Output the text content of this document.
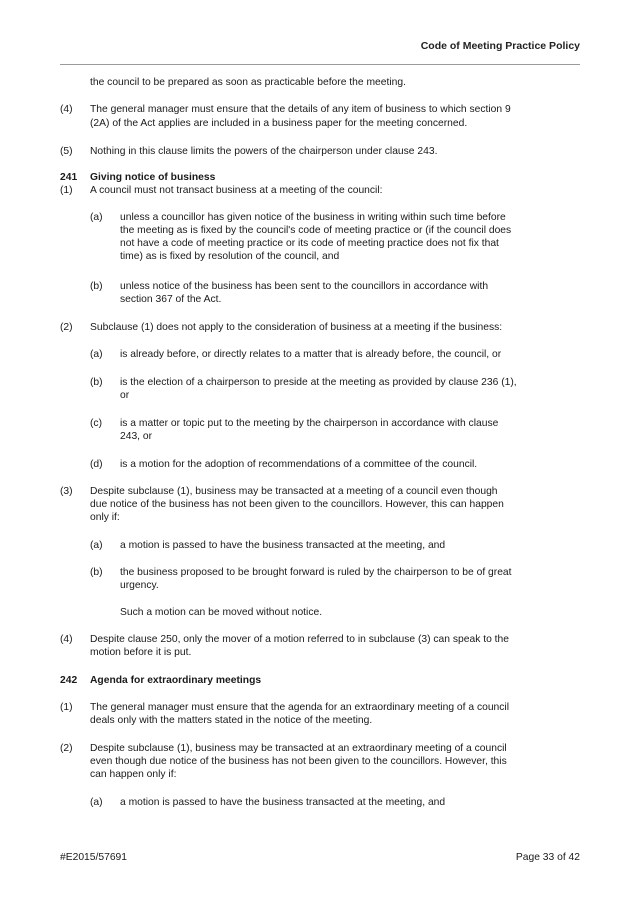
Code of Meeting Practice Policy
the council to be prepared as soon as practicable before the meeting.
(4) The general manager must ensure that the details of any item of business to which section 9
(2A) of the Act applies are included in a business paper for the meeting concerned.
(5) Nothing in this clause limits the powers of the chairperson under clause 243.
241 Giving notice of business
(1) A council must not transact business at a meeting of the council:
(a) unless a councillor has given notice of the business in writing within such time before
the meeting as is fixed by the council's code of meeting practice or (if the council does
not have a code of meeting practice or its code of meeting practice does not fix that
time) as is fixed by resolution of the council, and
(b) unless notice of the business has been sent to the councillors in accordance with
section 367 of the Act.
(2) Subclause (1) does not apply to the consideration of business at a meeting if the business:
(a) is already before, or directly relates to a matter that is already before, the council, or
(b) is the election of a chairperson to preside at the meeting as provided by clause 236 (1),
or
(c) is a matter or topic put to the meeting by the chairperson in accordance with clause
243, or
(d) is a motion for the adoption of recommendations of a committee of the council.
(3) Despite subclause (1), business may be transacted at a meeting of a council even though
due notice of the business has not been given to the councillors. However, this can happen
only if:
(a) a motion is passed to have the business transacted at the meeting, and
(b) the business proposed to be brought forward is ruled by the chairperson to be of great
urgency.
Such a motion can be moved without notice.
(4) Despite clause 250, only the mover of a motion referred to in subclause (3) can speak to the
motion before it is put.
242 Agenda for extraordinary meetings
(1) The general manager must ensure that the agenda for an extraordinary meeting of a council
deals only with the matters stated in the notice of the meeting.
(2) Despite subclause (1), business may be transacted at an extraordinary meeting of a council
even though due notice of the business has not been given to the councillors. However, this
can happen only if:
(a) a motion is passed to have the business transacted at the meeting, and
#E2015/57691	Page 33 of 42
